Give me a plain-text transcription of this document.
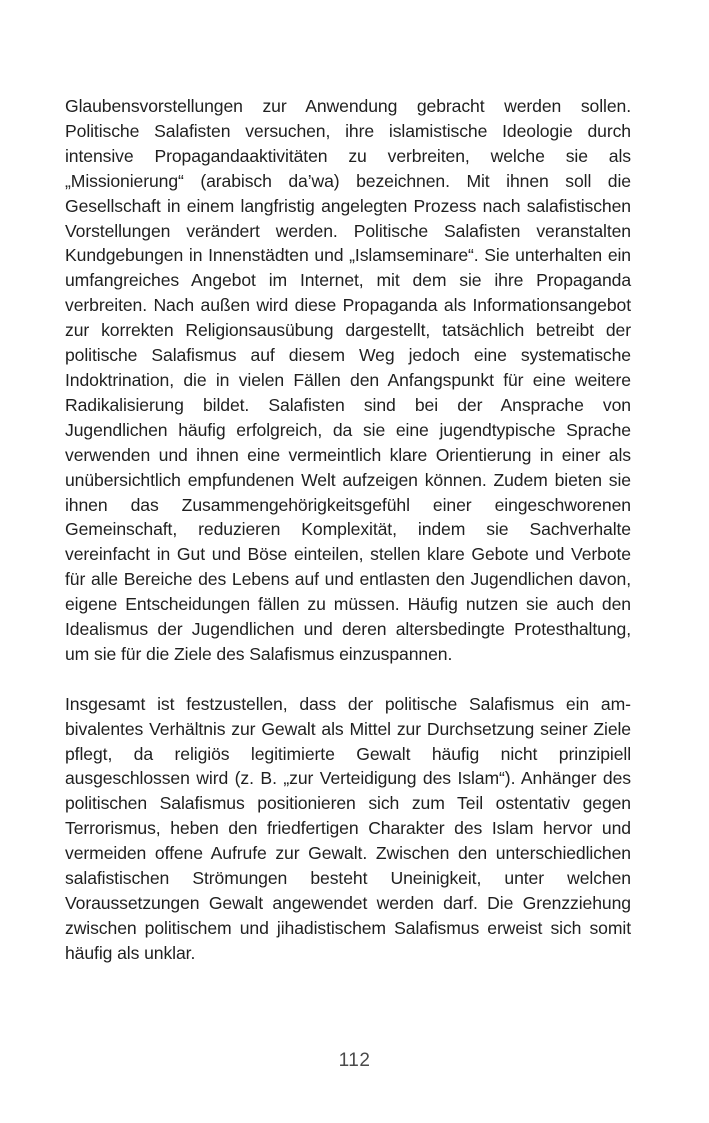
Glaubensvorstellungen zur Anwendung gebracht werden sollen. Politische Salafisten versuchen, ihre islamistische Ideologie durch intensive Propagandaaktivitäten zu verbreiten, welche sie als „Missionierung“ (arabisch da’wa) bezeichnen. Mit ihnen soll die Gesellschaft in einem langfristig angelegten Prozess nach salafistischen Vorstellungen verändert werden. Politische Salafisten veranstalten Kundgebungen in Innenstädten und „Islamseminare“. Sie unterhalten ein umfangreiches Angebot im Internet, mit dem sie ihre Propaganda verbreiten. Nach außen wird diese Propaganda als Informationsangebot zur korrekten Religionsausübung dargestellt, tatsächlich betreibt der politische Salafismus auf diesem Weg jedoch eine systematische Indoktrination, die in vielen Fällen den Anfangspunkt für eine weitere Radikalisierung bildet. Salafisten sind bei der Ansprache von Jugendlichen häufig erfolgreich, da sie eine jugendtypische Sprache verwenden und ihnen eine vermeintlich klare Orientierung in einer als unübersichtlich empfundenen Welt aufzeigen können. Zudem bieten sie ihnen das Zusammengehörigkeitsgefühl einer eingeschworenen Gemeinschaft, reduzieren Komplexität, indem sie Sachverhalte vereinfacht in Gut und Böse einteilen, stellen klare Gebote und Verbote für alle Bereiche des Lebens auf und entlasten den Jugendlichen davon, eigene Entscheidungen fällen zu müssen. Häufig nutzen sie auch den Idealismus der Jugendlichen und deren altersbedingte Protesthaltung, um sie für die Ziele des Salafismus einzuspannen.

Insgesamt ist festzustellen, dass der politische Salafismus ein ambivalentes Verhältnis zur Gewalt als Mittel zur Durchsetzung seiner Ziele pflegt, da religiös legitimierte Gewalt häufig nicht prinzipiell ausgeschlossen wird (z. B. „zur Verteidigung des Islam“). Anhänger des politischen Salafismus positionieren sich zum Teil ostentativ gegen Terrorismus, heben den friedfertigen Charakter des Islam hervor und vermeiden offene Aufrufe zur Gewalt. Zwischen den unterschiedlichen salafistischen Strömungen besteht Uneinigkeit, unter welchen Voraussetzungen Gewalt angewendet werden darf. Die Grenzziehung zwischen politischem und jihadistischem Salafismus erweist sich somit häufig als unklar.

112
